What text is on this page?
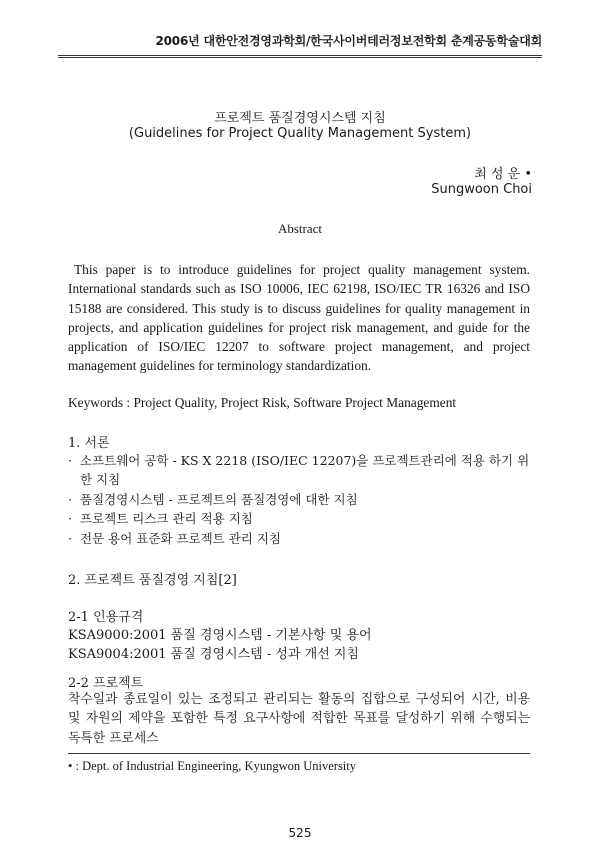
2006년 대한안전경영과학회/한국사이버테러정보전학회 춘계공동학술대회
프로젝트 품질경영시스템 지침
(Guidelines for Project Quality Management System)
최 성 운 •
Sungwoon Choi
Abstract
This paper is to introduce guidelines for project quality management system. International standards such as ISO 10006, IEC 62198, ISO/IEC TR 16326 and ISO 15188 are considered. This study is to discuss guidelines for quality management in projects, and application guidelines for project risk management, and guide for the application of ISO/IEC 12207 to software project management, and project management guidelines for terminology standardization.
Keywords : Project Quality, Project Risk, Software Project Management
1. 서론
· 소프트웨어 공학 - KS X 2218 (ISO/IEC 12207)을 프로젝트관리에 적용 하기 위 한 지침
· 품질경영시스템 - 프로젝트의 품질경영에 대한 지침
· 프로젝트 리스크 관리 적용 지침
· 전문 용어 표준화 프로젝트 관리 지침
2. 프로젝트 품질경영 지침[2]
2-1 인용규격
KSA9000:2001 품질 경영시스템 - 기본사항 및 용어
KSA9004:2001 품질 경영시스템 - 성과 개선 지침
2-2 프로젝트
착수일과 종료일이 있는 조정되고 관리되는 활동의 집합으로 구성되어 시간, 비용 및 자원의 제약을 포함한 특정 요구사항에 적합한 목표를 달성하기 위해 수행되는 독특한 프로세스
• : Dept. of Industrial Engineering, Kyungwon University
525
